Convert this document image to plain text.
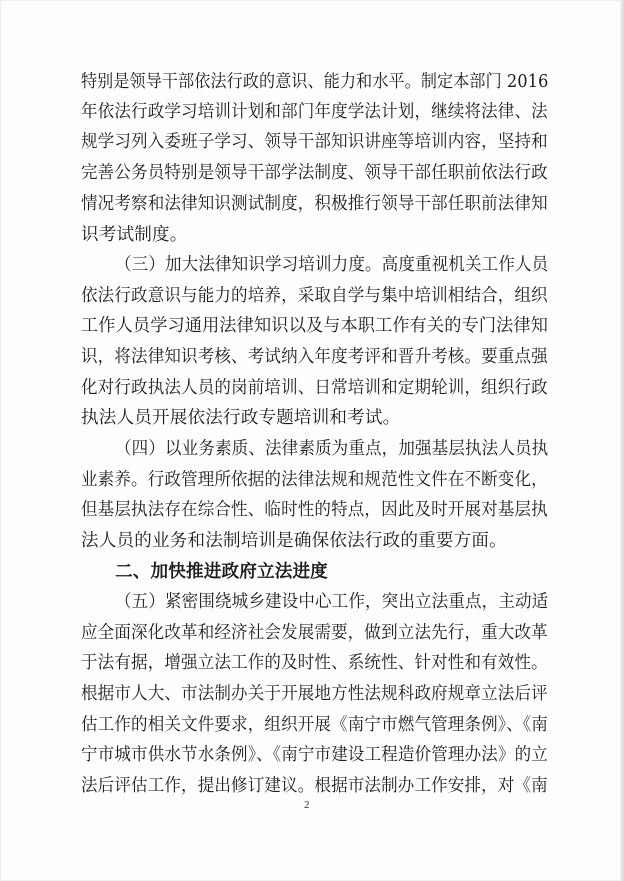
特别是领导干部依法行政的意识、能力和水平。制定本部门 2016
年依法行政学习培训计划和部门年度学法计划，继续将法律、法
规学习列入委班子学习、领导干部知识讲座等培训内容，坚持和
完善公务员特别是领导干部学法制度、领导干部任职前依法行政
情况考察和法律知识测试制度，积极推行领导干部任职前法律知
识考试制度。
（三）加大法律知识学习培训力度。高度重视机关工作人员
依法行政意识与能力的培养，采取自学与集中培训相结合，组织
工作人员学习通用法律知识以及与本职工作有关的专门法律知
识，将法律知识考核、考试纳入年度考评和晋升考核。要重点强
化对行政执法人员的岗前培训、日常培训和定期轮训，组织行政
执法人员开展依法行政专题培训和考试。
（四）以业务素质、法律素质为重点，加强基层执法人员执
业素养。行政管理所依据的法律法规和规范性文件在不断变化，
但基层执法存在综合性、临时性的特点，因此及时开展对基层执
法人员的业务和法制培训是确保依法行政的重要方面。
二、加快推进政府立法进度
（五）紧密围绕城乡建设中心工作，突出立法重点，主动适
应全面深化改革和经济社会发展需要，做到立法先行，重大改革
于法有据，增强立法工作的及时性、系统性、针对性和有效性。
根据市人大、市法制办关于开展地方性法规科政府规章立法后评
估工作的相关文件要求，组织开展《南宁市燃气管理条例》、《南
宁市城市供水节水条例》、《南宁市建设工程造价管理办法》的立
法后评估工作，提出修订建议。根据市法制办工作安排，对《南
2
